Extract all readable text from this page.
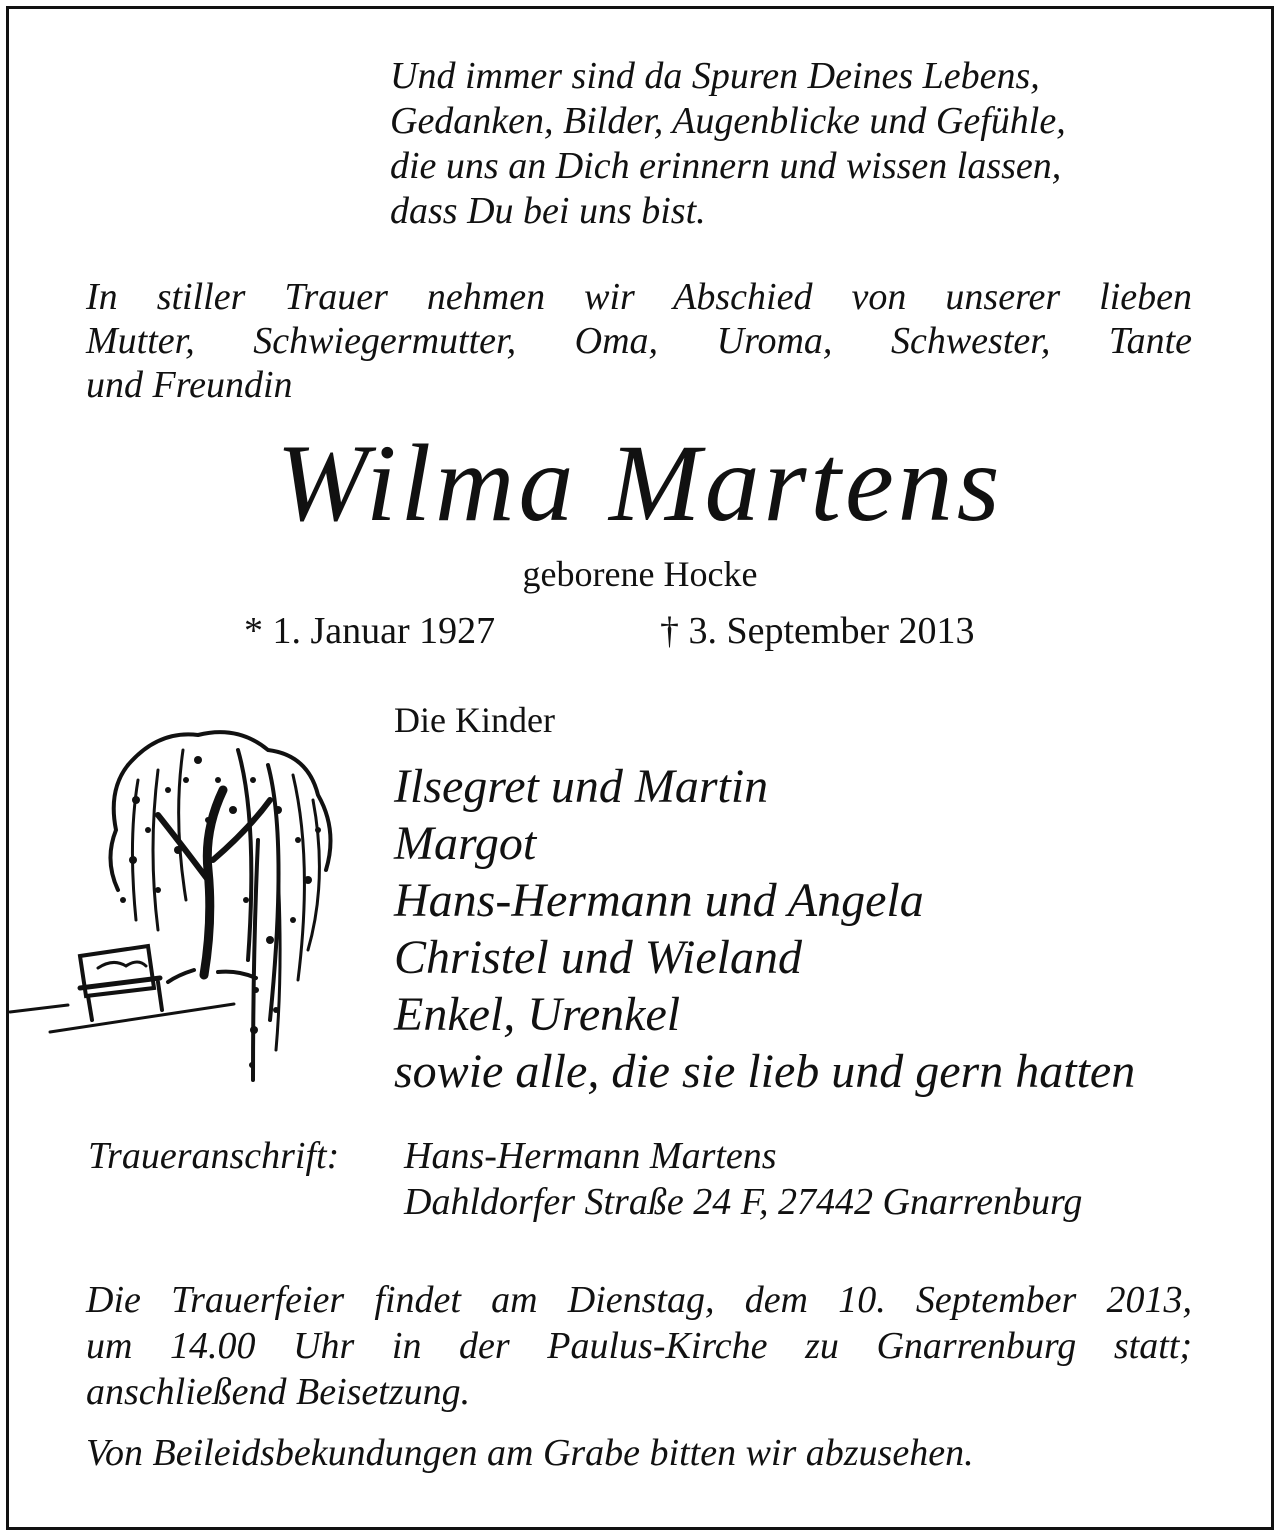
Und immer sind da Spuren Deines Lebens,
Gedanken, Bilder, Augenblicke und Gefühle,
die uns an Dich erinnern und wissen lassen,
dass Du bei uns bist.
In stiller Trauer nehmen wir Abschied von unserer lieben
Mutter, Schwiegermutter, Oma, Uroma, Schwester, Tante
und Freundin
Wilma Martens
geborene Hocke
* 1. Januar 1927	† 3. September 2013
Die Kinder
Ilsegret und Martin
Margot
Hans-Hermann und Angela
Christel und Wieland
Enkel, Urenkel
sowie alle, die sie lieb und gern hatten
Traueranschrift: Hans-Hermann Martens
Dahldorfer Straße 24 F, 27442 Gnarrenburg
Die Trauerfeier findet am Dienstag, dem 10. September 2013,
um 14.00 Uhr in der Paulus-Kirche zu Gnarrenburg statt;
anschließend Beisetzung.
Von Beileidsbekundungen am Grabe bitten wir abzusehen.
